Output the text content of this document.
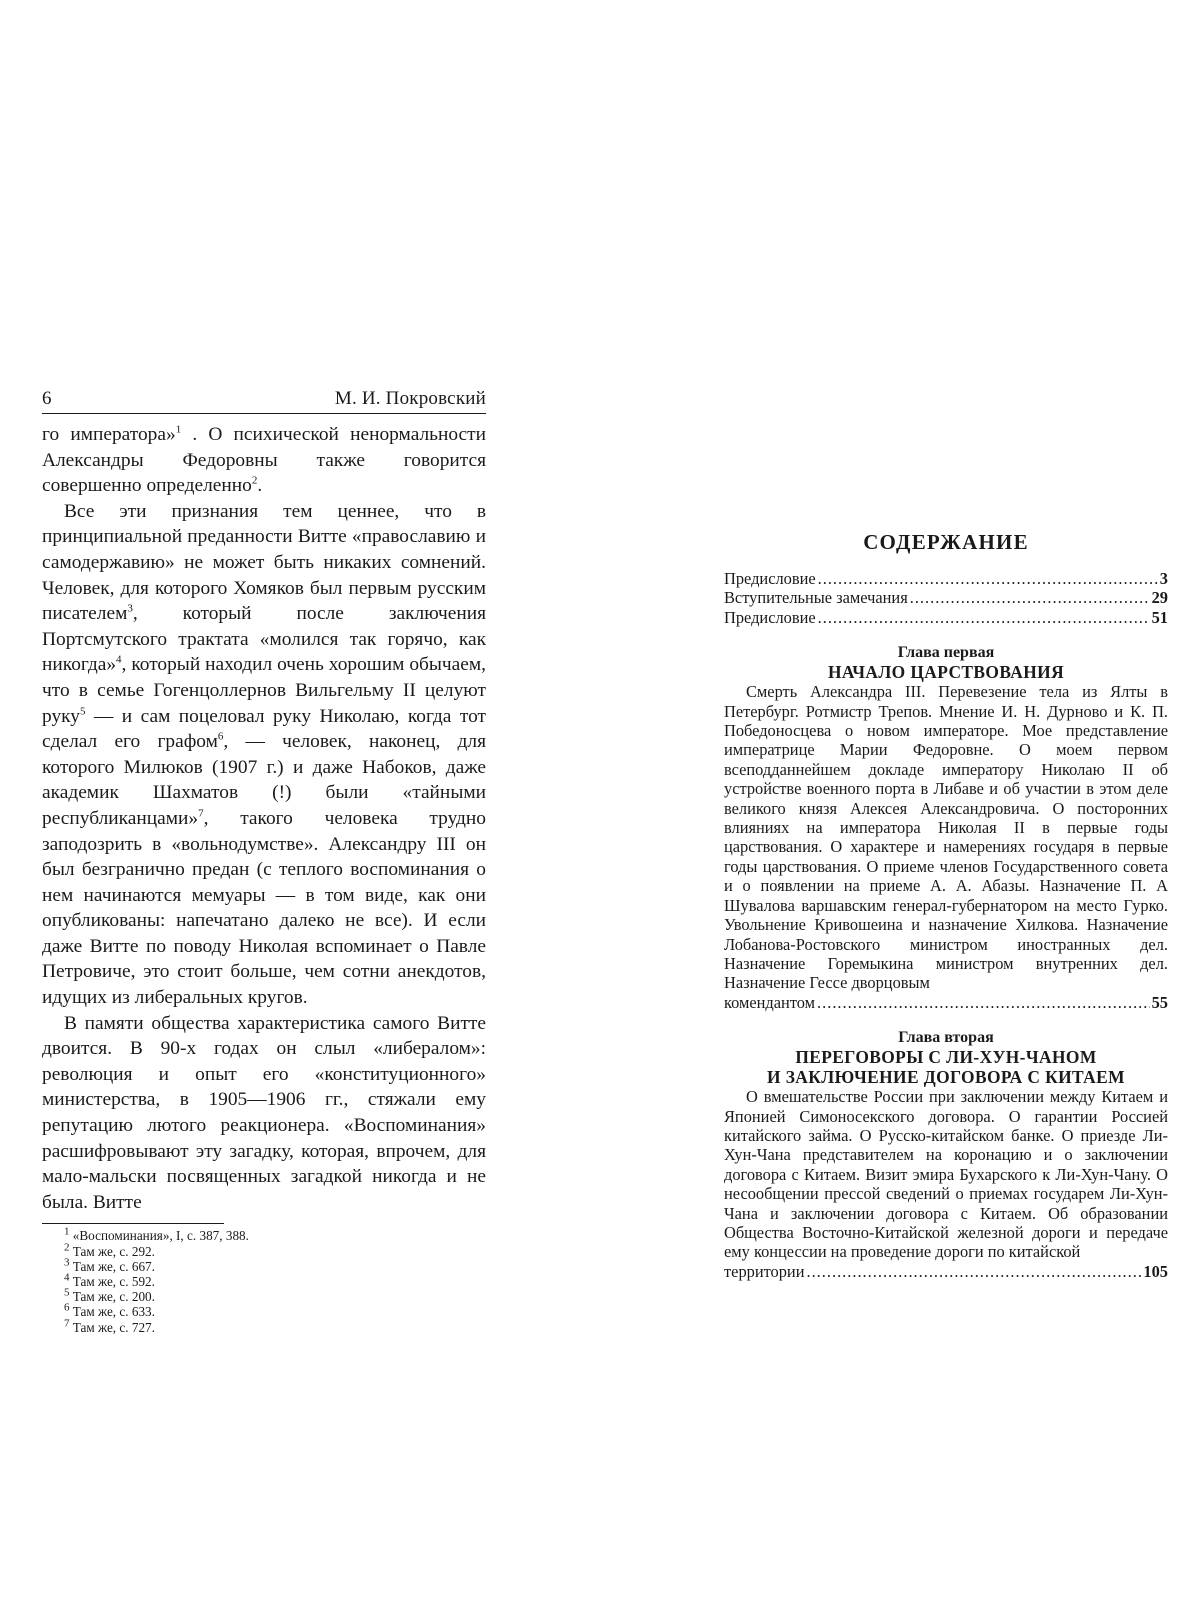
6	М. И. Покровский

го императора»$^1$ . О психической ненормальности Александры Федоровны также говорится совершенно определенно$^2$.

Все эти признания тем ценнее, что в принципиальной преданности Витте «православию и самодержавию» не может быть никаких сомнений. Человек, для которого Хомяков был первым русским писателем$^3$, который после заключения Портсмутского трактата «молился так горячо, как никогда»$^4$, который находил очень хорошим обычаем, что в семье Гогенцоллернов Вильгельму II целуют руку$^5$ — и сам поцеловал руку Николаю, когда тот сделал его графом$^6$, — человек, наконец, для которого Милюков (1907 г.) и даже Набоков, даже академик Шахматов (!) были «тайными республиканцами»$^7$, такого человека трудно заподозрить в «вольнодумстве». Александру III он был безгранично предан (с теплого воспоминания о нем начинаются мемуары — в том виде, как они опубликованы: напечатано далеко не все). И если даже Витте по поводу Николая вспоминает о Павле Петровиче, это стоит больше, чем сотни анекдотов, идущих из либеральных кругов.

В памяти общества характеристика самого Витте двоится. В 90-х годах он слыл «либералом»: революция и опыт его «конституционного» министерства, в 1905—1906 гг., стяжали ему репутацию лютого реакционера. «Воспоминания» расшифровывают эту загадку, которая, впрочем, для мало-мальски посвященных загадкой никогда и не была. Витте

$^1$ «Воспоминания», I, с. 387, 388.
$^2$ Там же, с. 292.
$^3$ Там же, с. 667.
$^4$ Там же, с. 592.
$^5$ Там же, с. 200.
$^6$ Там же, с. 633.
$^7$ Там же, с. 727.
СОДЕРЖАНИЕ
Предисловие .....	3
Вступительные замечания .....	29
Предисловие .....	51
Глава первая
НАЧАЛО ЦАРСТВОВАНИЯ

Смерть Александра III. Перевезение тела из Ялты в Петербург. Ротмистр Трепов. Мнение И. Н. Дурново и К. П. Победоносцева о новом императоре. Мое представление императрице Марии Федоровне. О моем первом всеподданнейшем докладе императору Николаю II об устройстве военного порта в Либаве и об участии в этом деле великого князя Алексея Александровича. О посторонних влияниях на императора Николая II в первые годы царствования. О характере и намерениях государя в первые годы царствования. О приеме членов Государственного совета и о появлении на приеме А. А. Абазы. Назначение П. А Шувалова варшавским генерал-губернатором на место Гурко. Увольнение Кривошеина и назначение Хилкова. Назначение Лобанова-Ростовского министром иностранных дел. Назначение Горемыкина министром внутренних дел. Назначение Гессе дворцовым

комендантом .....	55
Глава вторая
ПЕРЕГОВОРЫ С ЛИ-ХУН-ЧАНОМ
И ЗАКЛЮЧЕНИЕ ДОГОВОРА С КИТАЕМ

О вмешательстве России при заключении между Китаем и Японией Симоносекского договора. О гарантии Россией китайского займа. О Русско-китайском банке. О приезде Ли-Хун-Чана представителем на коронацию и о заключении договора с Китаем. Визит эмира Бухарского к Ли-Хун-Чану. О несообщении прессой сведений о приемах государем Ли-Хун-Чана и заключении договора с Китаем. Об образовании Общества Восточно-Китайской железной дороги и передаче ему концессии на проведение дороги по китайской

территории .....	105
